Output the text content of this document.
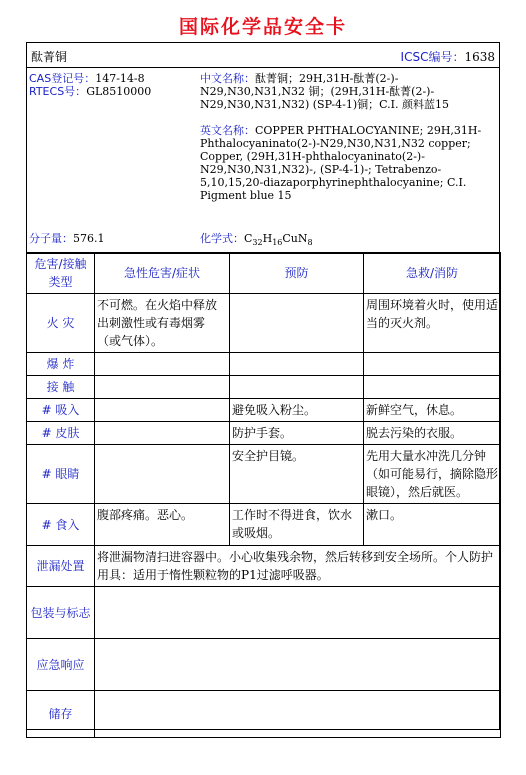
国际化学品安全卡
酞菁铜	ICSC编号：1638

CAS登记号：147-14-8

RTECS号：GL8510000

中文名称：酞菁铜；29H,31H-酞菁(2-)-N29,N30,N31,N32 铜；(29H,31H-酞菁(2-)-N29,N30,N31,N32) (SP-4-1)铜；C.I. 颜料蓝15

英文名称：COPPER PHTHALOCYANINE; 29H,31H-Phthalocyaninato(2-)-N29,N30,N31,N32 copper; Copper, (29H,31H-phthalocyaninato(2-)-N29,N30,N31,N32)-, (SP-4-1)-; Tetrabenzo-5,10,15,20-diazaporphyrinephthalocyanine; C.I. Pigment blue 15

分子量：576.1	化学式：$C_{32}H_{16}CuN_8$
危害/接触类型	急性危害/症状	预防	急救/消防
火 灾	不可燃。在火焰中释放出刺激性或有毒烟雾（或气体）。		周围环境着火时，使用适当的灭火剂。
爆 炸			
接 触			
# 吸入		避免吸入粉尘。	新鲜空气，休息。
# 皮肤		防护手套。	脱去污染的衣服。
# 眼睛		安全护目镜。	先用大量水冲洗几分钟（如可能易行，摘除隐形眼镜），然后就医。
# 食入	腹部疼痛。恶心。	工作时不得进食，饮水或吸烟。	漱口。
泄漏处置	将泄漏物清扫进容器中。小心收集残余物，然后转移到安全场所。个人防护用具：适用于惰性颗粒物的P1过滤呼吸器。		
包装与标志			
应急响应			
储存			
